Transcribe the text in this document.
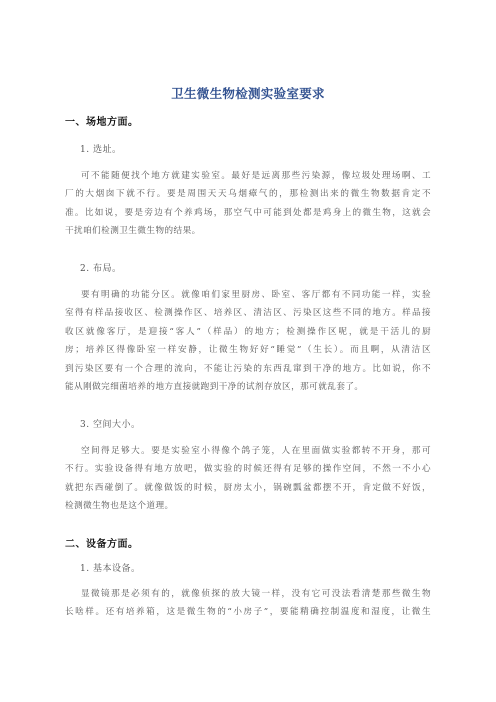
卫生微生物检测实验室要求
一、场地方面。
1. 选址。
可不能随便找个地方就建实验室。最好是远离那些污染源，像垃圾处理场啊、工
厂的大烟囱下就不行。要是周围天天乌烟瘴气的，那检测出来的微生物数据肯定不
准。比如说，要是旁边有个养鸡场，那空气中可能到处都是鸡身上的微生物，这就会
干扰咱们检测卫生微生物的结果。
2. 布局。
要有明确的功能分区。就像咱们家里厨房、卧室、客厅都有不同功能一样，实验
室得有样品接收区、检测操作区、培养区、清洁区、污染区这些不同的地方。样品接
收区就像客厅，是迎接“客人”（样品）的地方；检测操作区呢，就是干活儿的厨
房；培养区得像卧室一样安静，让微生物好好“睡觉”（生长）。而且啊，从清洁区
到污染区要有一个合理的流向，不能让污染的东西乱窜到干净的地方。比如说，你不
能从刚做完细菌培养的地方直接就跑到干净的试剂存放区，那可就乱套了。
3. 空间大小。
空间得足够大。要是实验室小得像个鸽子笼，人在里面做实验都转不开身，那可
不行。实验设备得有地方放吧，做实验的时候还得有足够的操作空间，不然一不小心
就把东西碰倒了。就像做饭的时候，厨房太小，锅碗瓢盆都摆不开，肯定做不好饭，
检测微生物也是这个道理。
二、设备方面。
1. 基本设备。
显微镜那是必须有的，就像侦探的放大镜一样，没有它可没法看清楚那些微生物
长啥样。还有培养箱，这是微生物的“小房子”，要能精确控制温度和湿度，让微生
